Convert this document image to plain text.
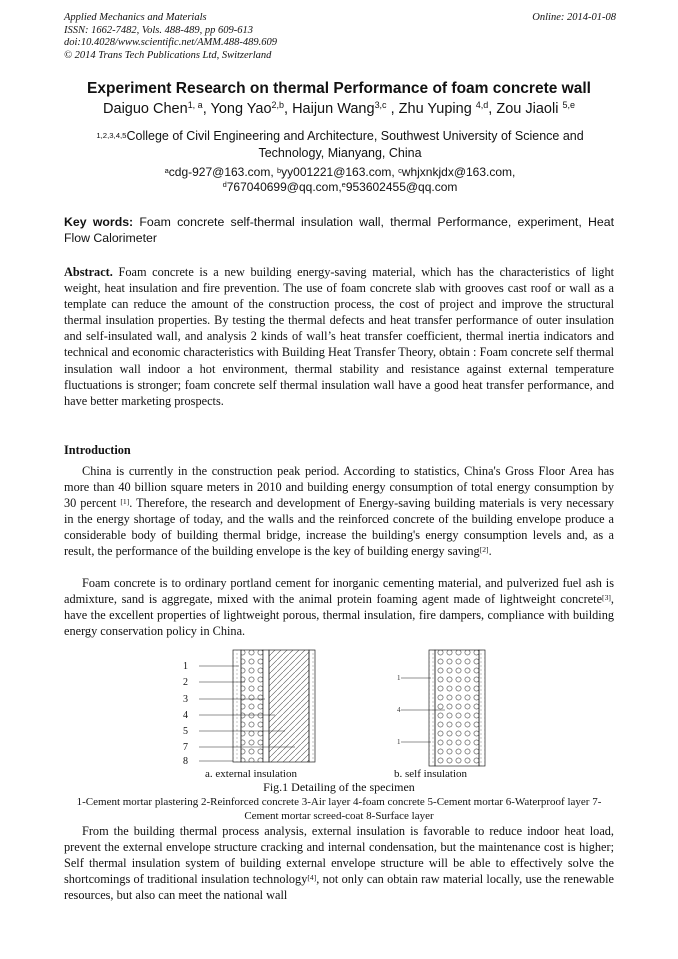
Applied Mechanics and Materials
ISSN: 1662-7482, Vols. 488-489, pp 609-613
doi:10.4028/www.scientific.net/AMM.488-489.609
© 2014 Trans Tech Publications Ltd, Switzerland
Online: 2014-01-08
Experiment Research on thermal Performance of foam concrete wall
Daiguo Chen$^{1, a}$, Yong Yao$^{2,b}$, Haijun Wang$^{3,c}$ , Zhu Yuping $^{4,d}$, Zou Jiaoli $^{5,e}$
$^{1,2,3,4,5}$College of Civil Engineering and Architecture, Southwest University of Science and Technology, Mianyang, China
$^a$cdg-927@163.com, $^b$yy001221@163.com, $^c$whjxnkjdx@163.com,
$^d$767040699@qq.com,$^e$953602455@qq.com
Key words: Foam concrete self-thermal insulation wall, thermal Performance, experiment, Heat Flow Calorimeter
Abstract. Foam concrete is a new building energy-saving material, which has the characteristics of light weight, heat insulation and fire prevention. The use of foam concrete slab with grooves cast roof or wall as a template can reduce the amount of the construction process, the cost of project and improve the structural thermal insulation properties. By testing the thermal defects and heat transfer performance of outer insulation and self-insulated wall, and analysis 2 kinds of wall’s heat transfer coefficient, thermal inertia indicators and technical and economic characteristics with Building Heat Transfer Theory, obtain : Foam concrete self thermal insulation wall indoor a hot environment, thermal stability and resistance against external temperature fluctuations is stronger; foam concrete self thermal insulation wall have a good heat transfer performance, and have better marketing prospects.
Introduction
China is currently in the construction peak period. According to statistics, China's Gross Floor Area has more than 40 billion square meters in 2010 and building energy consumption of total energy consumption by 30 percent [1]. Therefore, the research and development of Energy-saving building materials is very necessary in the energy shortage of today, and the walls and the reinforced concrete of the building envelope produce a considerable body of building thermal bridge, increase the building's energy consumption levels and, as a result, the performance of the building envelope is the key of building energy saving[2].
Foam concrete is to ordinary portland cement for inorganic cementing material, and pulverized fuel ash is admixture, sand is aggregate, mixed with the animal protein foaming agent made of lightweight concrete[3], have the excellent properties of lightweight porous, thermal insulation, fire dampers, compliance with building energy conservation policy in China.
1
2
3
4
5
7
8
1
4
1
a. external insulation	b. self insulation
Fig.1 Detailing of the specimen
1-Cement mortar plastering 2-Reinforced concrete 3-Air layer 4-foam concrete 5-Cement mortar 6-Waterproof layer 7-Cement mortar screed-coat 8-Surface layer
From the building thermal process analysis, external insulation is favorable to reduce indoor heat load, prevent the external envelope structure cracking and internal condensation, but the maintenance cost is higher; Self thermal insulation system of building external envelope structure will be able to effectively solve the shortcomings of traditional insulation technology[4], not only can obtain raw material locally, use the renewable resources, but also can meet the national wall
